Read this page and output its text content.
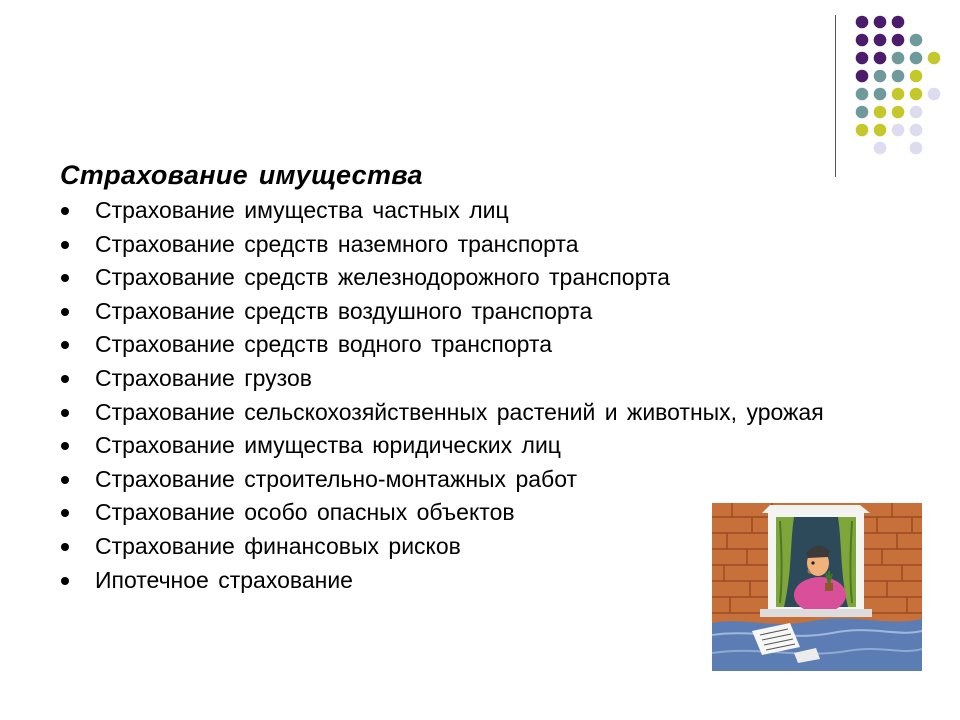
Страхование имущества
Страхование имущества частных лиц
Страхование средств наземного транспорта
Страхование средств железнодорожного транспорта
Страхование средств воздушного транспорта
Страхование средств водного транспорта
Страхование грузов
Страхование сельскохозяйственных растений и животных, урожая
Страхование имущества юридических лиц
Страхование строительно-монтажных работ
Страхование особо опасных объектов
Страхование финансовых рисков
Ипотечное страхование
